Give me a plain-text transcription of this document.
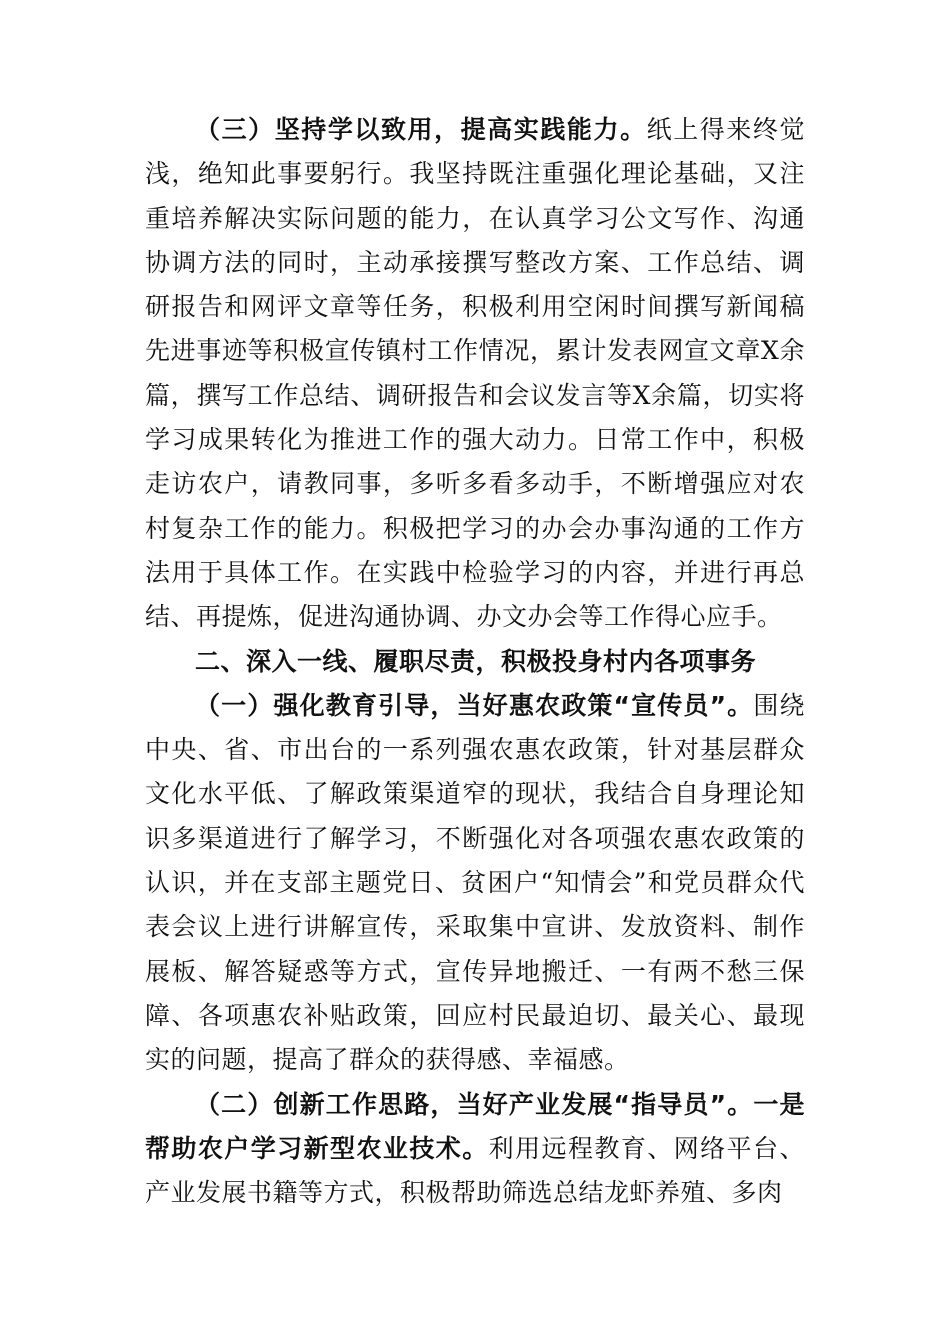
（三）坚持学以致用，提高实践能力。纸上得来终觉浅，绝知此事要躬行。我坚持既注重强化理论基础，又注重培养解决实际问题的能力，在认真学习公文写作、沟通协调方法的同时，主动承接撰写整改方案、工作总结、调研报告和网评文章等任务，积极利用空闲时间撰写新闻稿先进事迹等积极宣传镇村工作情况，累计发表网宣文章X余篇，撰写工作总结、调研报告和会议发言等X余篇，切实将学习成果转化为推进工作的强大动力。日常工作中，积极走访农户，请教同事，多听多看多动手，不断增强应对农村复杂工作的能力。积极把学习的办会办事沟通的工作方法用于具体工作。在实践中检验学习的内容，并进行再总结、再提炼，促进沟通协调、办文办会等工作得心应手。

二、深入一线、履职尽责，积极投身村内各项事务

（一）强化教育引导，当好惠农政策“宣传员”。围绕中央、省、市出台的一系列强农惠农政策，针对基层群众文化水平低、了解政策渠道窄的现状，我结合自身理论知识多渠道进行了解学习，不断强化对各项强农惠农政策的认识，并在支部主题党日、贫困户“知情会”和党员群众代表会议上进行讲解宣传，采取集中宣讲、发放资料、制作展板、解答疑惑等方式，宣传异地搬迁、一有两不愁三保障、各项惠农补贴政策，回应村民最迫切、最关心、最现实的问题，提高了群众的获得感、幸福感。

（二）创新工作思路，当好产业发展“指导员”。一是帮助农户学习新型农业技术。利用远程教育、网络平台、产业发展书籍等方式，积极帮助筛选总结龙虾养殖、多肉
